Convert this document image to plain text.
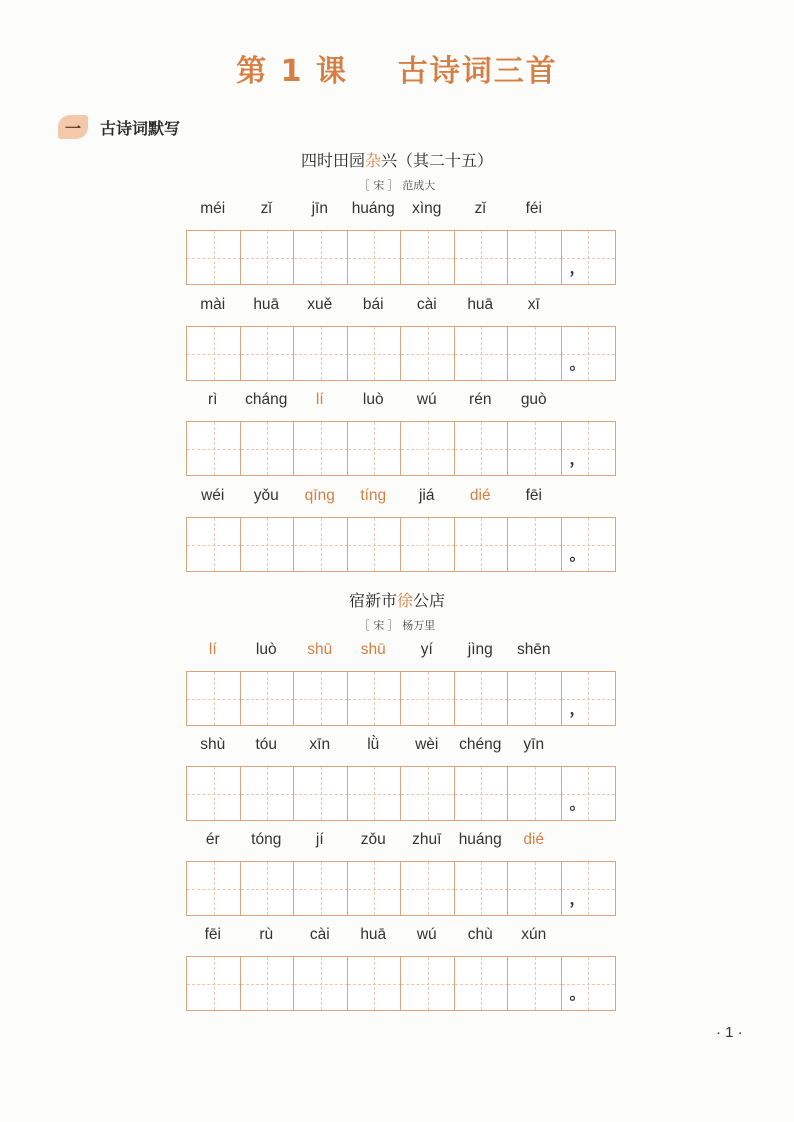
第 1 课    古诗词三首
一	古诗词默写
四时田园杂兴（其二十五）
［ 宋 ］ 范成大
宿新市徐公店
［ 宋 ］ 杨万里
méi	zǐ	jīn	huáng	xìng	zǐ	féi
，
mài	huā	xuě	bái	cài	huā	xī
。
rì	cháng	lí	luò	wú	rén	guò
，
wéi	yǒu	qīng	tíng	jiá	dié	fēi
。
lí	luò	shū	shū	yí	jìng	shēn
，
shù	tóu	xīn	lǜ	wèi	chéng	yīn
。
ér	tóng	jí	zǒu	zhuī	huáng	dié
，
fēi	rù	cài	huā	wú	chù	xún
。
· 1 ·
